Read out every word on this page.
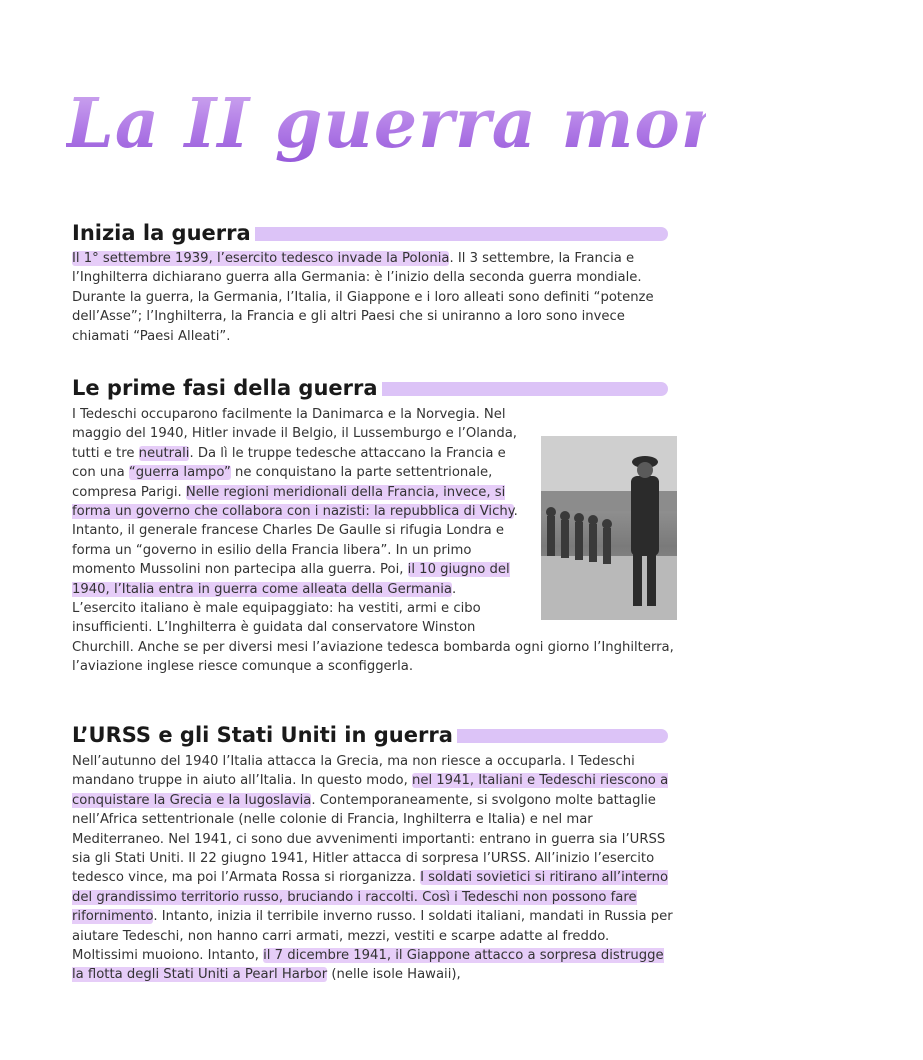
La II guerra mondiale
Inizia la guerra

Il 1° settembre 1939, l’esercito tedesco invade la Polonia. Il 3 settembre, la Francia e l’Inghilterra dichiarano guerra alla Germania: è l’inizio della seconda guerra mondiale. Durante la guerra, la Germania, l’Italia, il Giappone e i loro alleati sono definiti “potenze dell’Asse”; l’Inghilterra, la Francia e gli altri Paesi che si uniranno a loro sono invece chiamati “Paesi Alleati”.

Le prime fasi della guerra

I Tedeschi occuparono facilmente la Danimarca e la Norvegia. Nel maggio del 1940, Hitler invade il Belgio, il Lussemburgo e l’Olanda, tutti e tre neutrali. Da lì le truppe tedesche attaccano la Francia e con una “guerra lampo” ne conquistano la parte settentrionale, compresa Parigi. Nelle regioni meridionali della Francia, invece, si forma un governo che collabora con i nazisti: la repubblica di Vichy. Intanto, il generale francese Charles De Gaulle si rifugia Londra e forma un “governo in esilio della Francia libera”. In un primo momento Mussolini non partecipa alla guerra. Poi, il 10 giugno del 1940, l’Italia entra in guerra come alleata della Germania. L’esercito italiano è male equipaggiato: ha vestiti, armi e cibo insufficienti. L’Inghilterra è guidata dal conservatore Winston Churchill. Anche se per diversi mesi l’aviazione tedesca bombarda ogni giorno l’Inghilterra, l’aviazione inglese riesce comunque a sconfiggerla.

L’URSS e gli Stati Uniti in guerra

Nell’autunno del 1940 l’Italia attacca la Grecia, ma non riesce a occuparla. I Tedeschi mandano truppe in aiuto all’Italia. In questo modo, nel 1941, Italiani e Tedeschi riescono a conquistare la Grecia e la Iugoslavia. Contemporaneamente, si svolgono molte battaglie nell’Africa settentrionale (nelle colonie di Francia, Inghilterra e Italia) e nel mar Mediterraneo. Nel 1941, ci sono due avvenimenti importanti: entrano in guerra sia l’URSS sia gli Stati Uniti. Il 22 giugno 1941, Hitler attacca di sorpresa l’URSS. All’inizio l’esercito tedesco vince, ma poi l’Armata Rossa si riorganizza. I soldati sovietici si ritirano all’interno del grandissimo territorio russo, bruciando i raccolti. Così i Tedeschi non possono fare rifornimento. Intanto, inizia il terribile inverno russo. I soldati italiani, mandati in Russia per aiutare Tedeschi, non hanno carri armati, mezzi, vestiti e scarpe adatte al freddo. Moltissimi muoiono. Intanto, il 7 dicembre 1941, il Giappone attacco a sorpresa distrugge la flotta degli Stati Uniti a Pearl Harbor (nelle isole Hawaii),
